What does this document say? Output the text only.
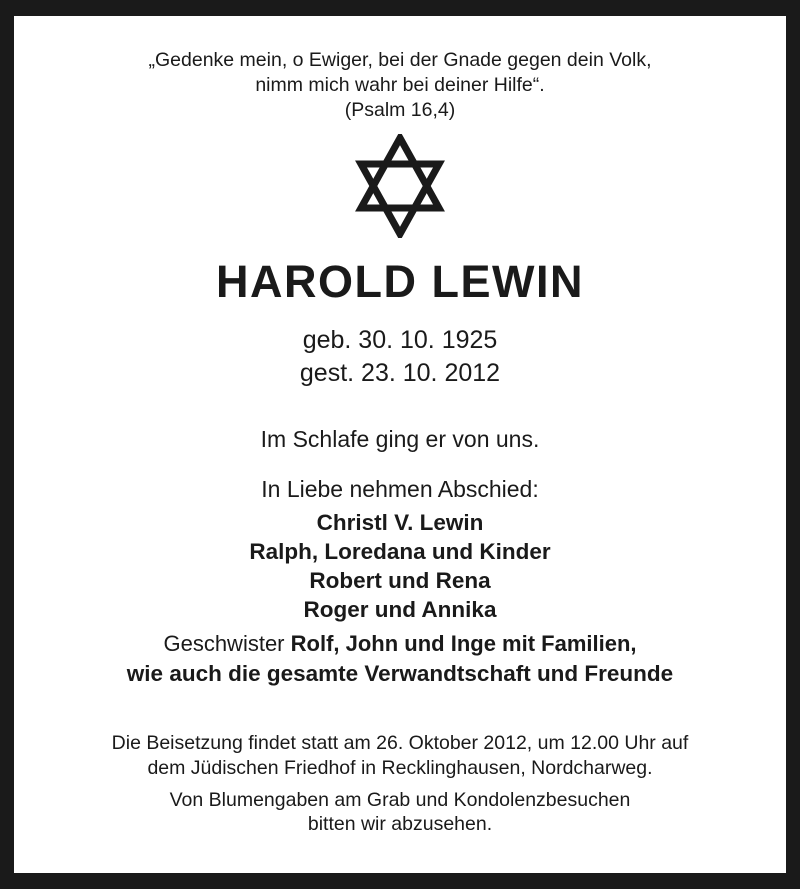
„Gedenke mein, o Ewiger, bei der Gnade gegen dein Volk,
nimm mich wahr bei deiner Hilfe“.
(Psalm 16,4)
HAROLD LEWIN
geb. 30. 10. 1925
gest. 23. 10. 2012
Im Schlafe ging er von uns.
In Liebe nehmen Abschied:
Christl V. Lewin
Ralph, Loredana und Kinder
Robert und Rena
Roger und Annika
Geschwister Rolf, John und Inge mit Familien,
wie auch die gesamte Verwandtschaft und Freunde
Die Beisetzung findet statt am 26. Oktober 2012, um 12.00 Uhr auf
dem Jüdischen Friedhof in Recklinghausen, Nordcharweg.
Von Blumengaben am Grab und Kondolenzbesuchen
bitten wir abzusehen.
